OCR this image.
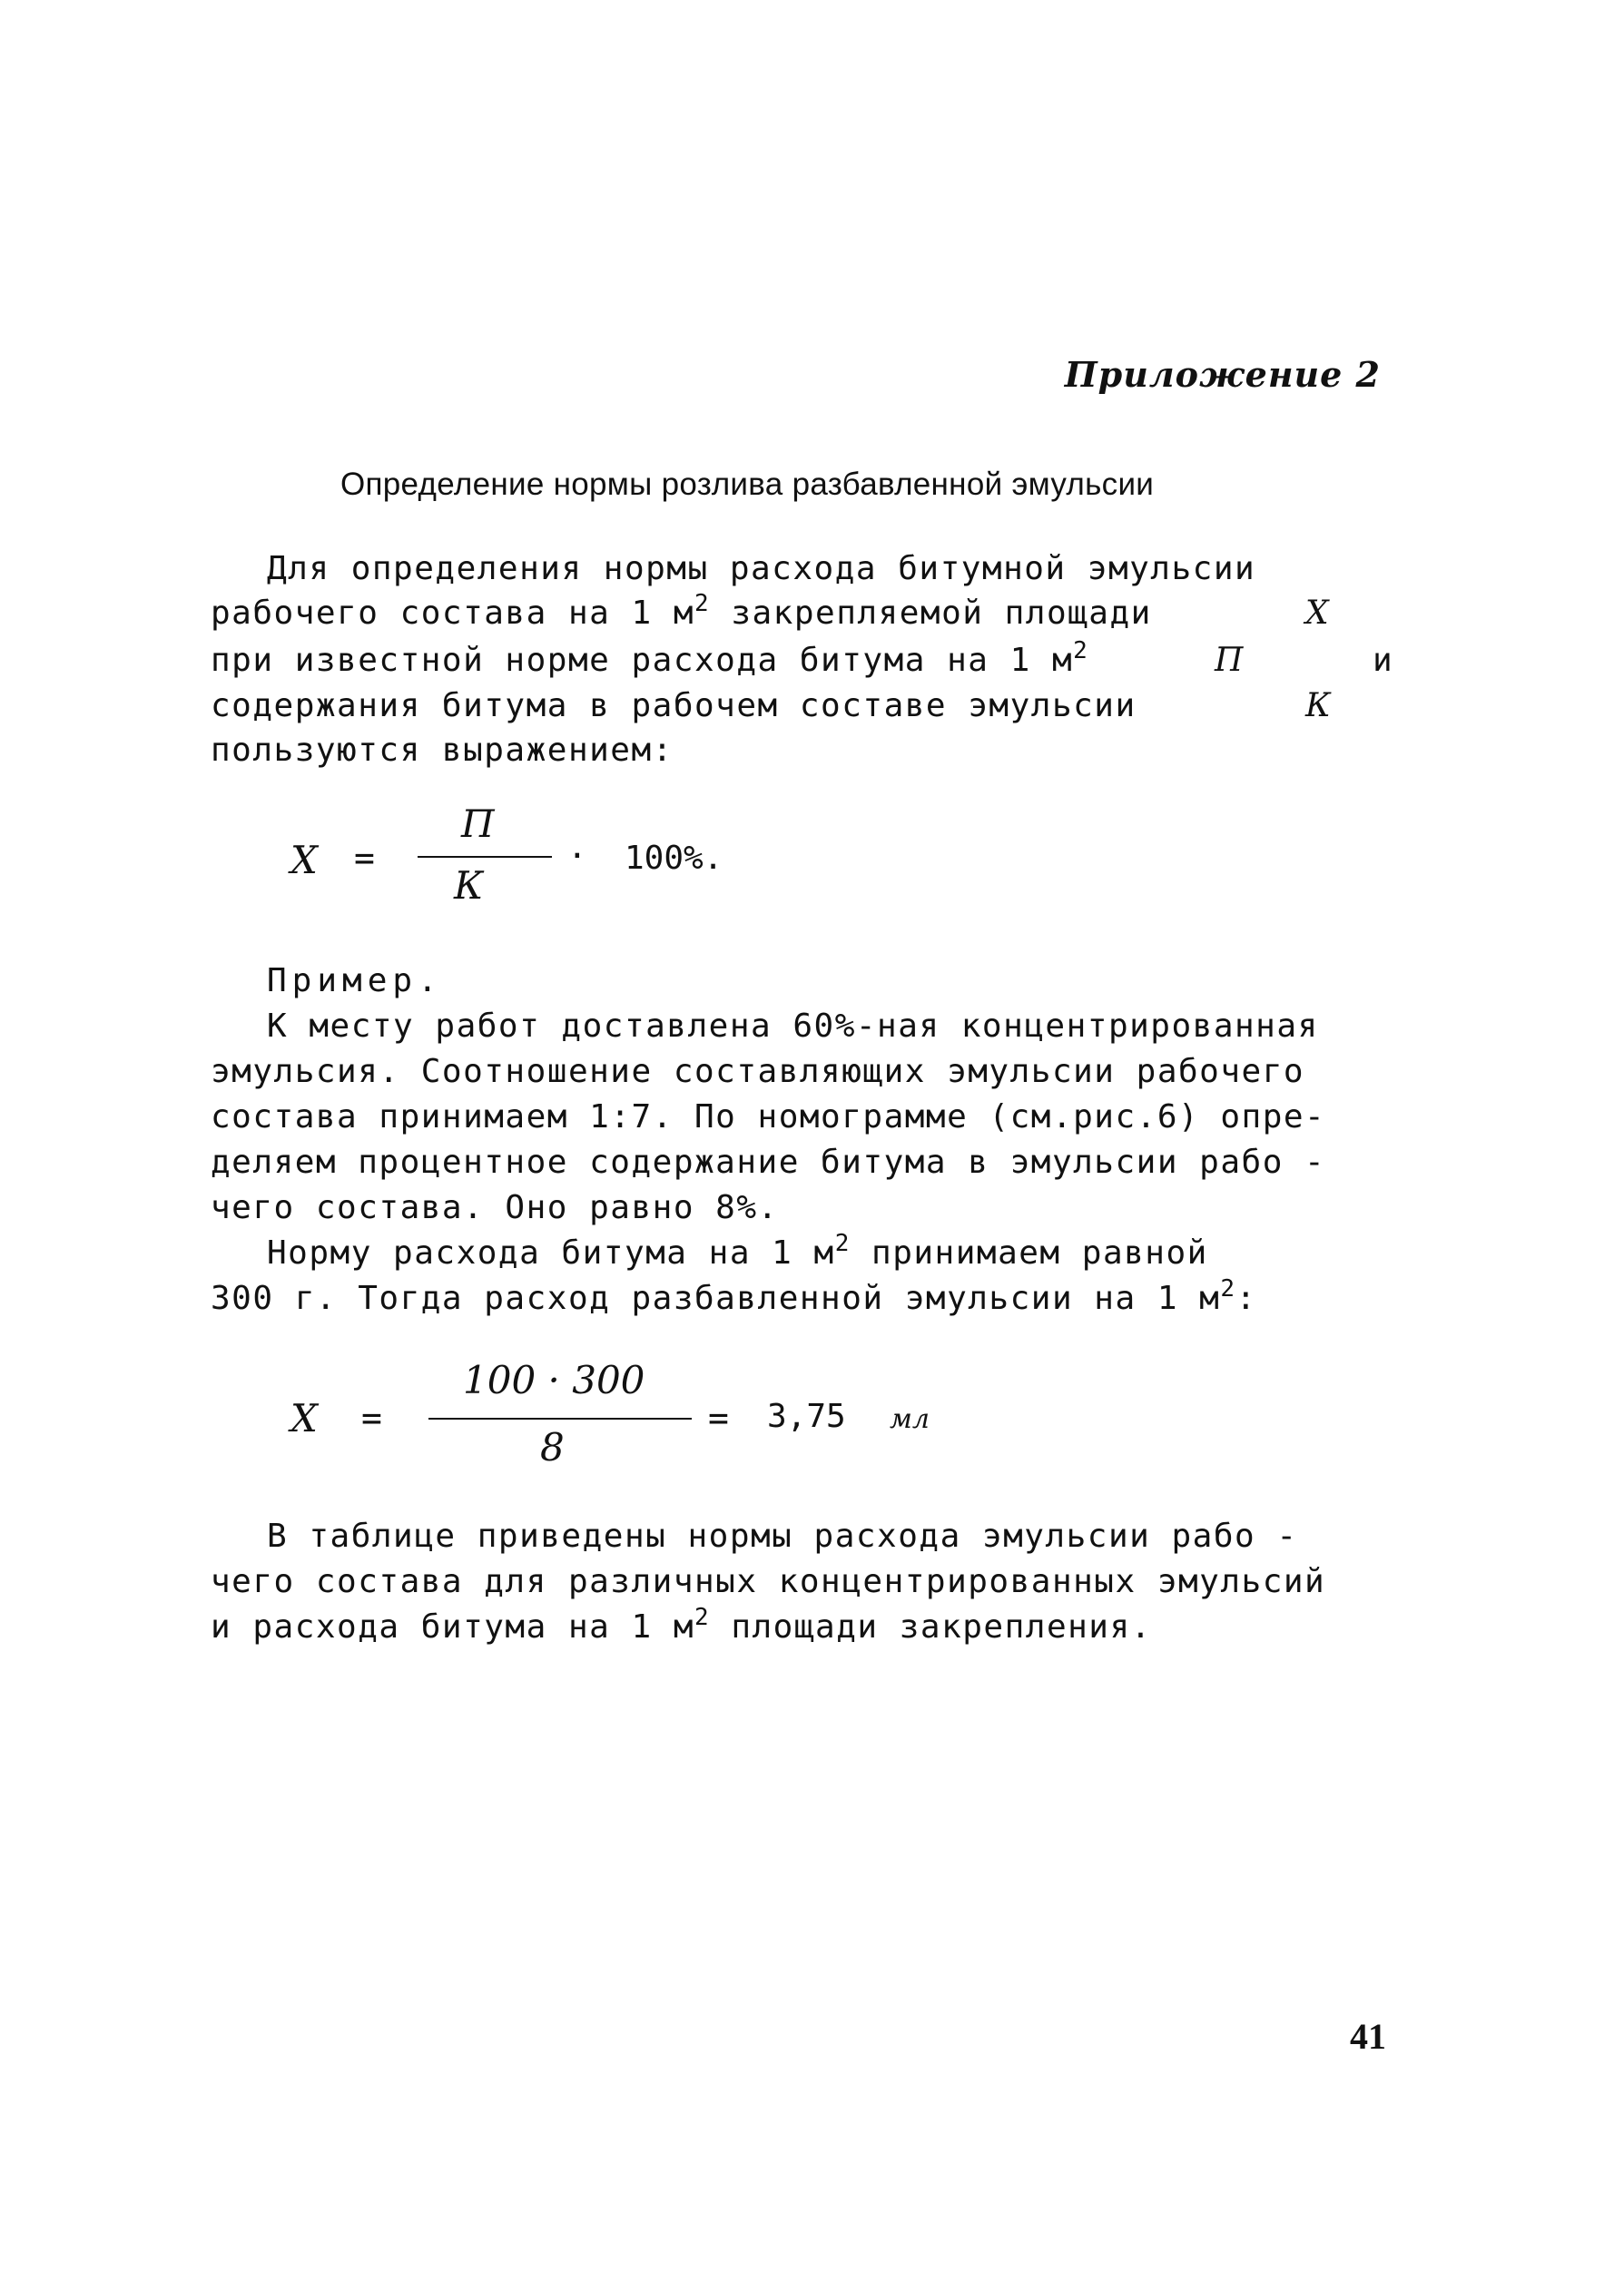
Приложение 2
Определение нормы розлива разбавленной эмульсии
Для определения нормы расхода битумной эмульсии
рабочего состава на 1 $м^2$ закрепляемой площади	Х
при известной норме расхода битума на 1 $м^2$	П	и
содержания битума в рабочем составе эмульсии	К
пользуются выражением:
Х =
П
К
· 100%.
Пример.
К месту работ доставлена 60%-ная концентрированная
эмульсия. Соотношение составляющих эмульсии рабочего
состава принимаем 1:7. По номограмме (см.рис.6) опре-
деляем процентное содержание битума в эмульсии рабо -
чего состава. Оно равно 8%.
Норму расхода битума на 1 $м^2$ принимаем равной
300 г. Тогда расход разбавленной эмульсии на 1 $м^2$:
Х =
100 · 300
8
= 3,75 мл
В таблице приведены нормы расхода эмульсии рабо -
чего состава для различных концентрированных эмульсий
и расхода битума на 1 $м^2$ площади закрепления.
41
